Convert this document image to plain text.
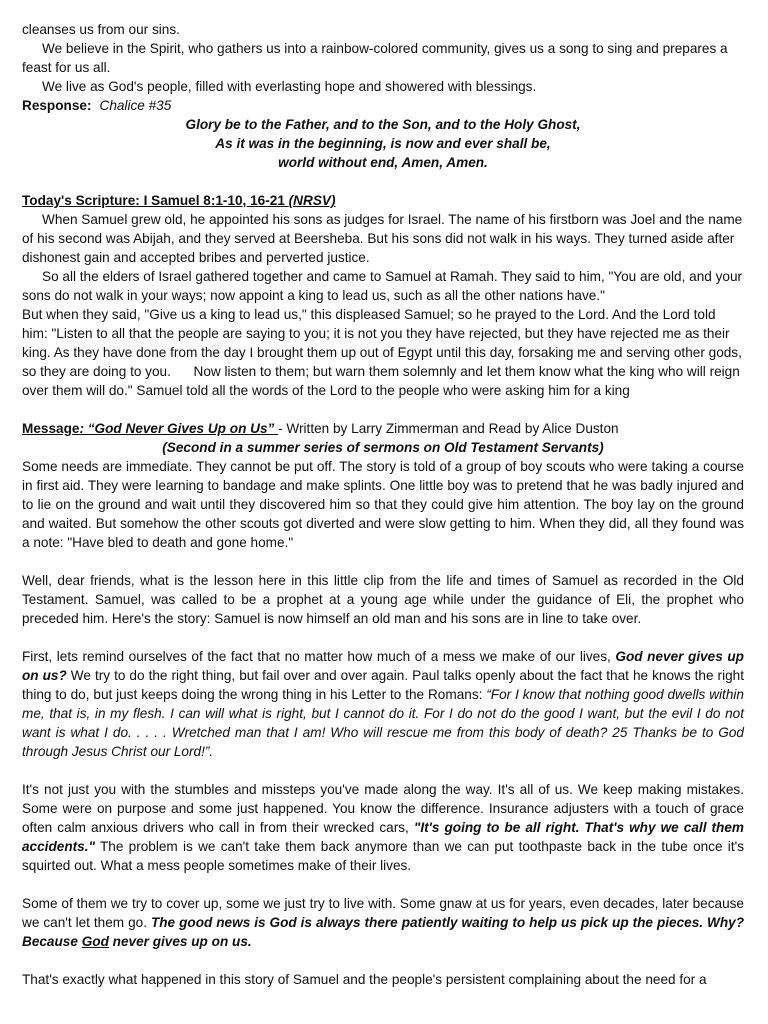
cleanses us from our sins.

We believe in the Spirit, who gathers us into a rainbow-colored community, gives us a song to sing and prepares a feast for us all.

We live as God's people, filled with everlasting hope and showered with blessings.

Response: Chalice #35

Glory be to the Father, and to the Son, and to the Holy Ghost,

As it was in the beginning, is now and ever shall be,

world without end, Amen, Amen.

Today's Scripture: I Samuel 8:1-10, 16-21 (NRSV)

When Samuel grew old, he appointed his sons as judges for Israel. The name of his firstborn was Joel and the name of his second was Abijah, and they served at Beersheba. But his sons did not walk in his ways. They turned aside after dishonest gain and accepted bribes and perverted justice.

So all the elders of Israel gathered together and came to Samuel at Ramah. They said to him, "You are old, and your sons do not walk in your ways; now appoint a king to lead us, such as all the other nations have."

But when they said, "Give us a king to lead us," this displeased Samuel; so he prayed to the Lord. And the Lord told him: "Listen to all that the people are saying to you; it is not you they have rejected, but they have rejected me as their king. As they have done from the day I brought them up out of Egypt until this day, forsaking me and serving other gods, so they are doing to you.      Now listen to them; but warn them solemnly and let them know what the king who will reign over them will do." Samuel told all the words of the Lord to the people who were asking him for a king

Message: “God Never Gives Up on Us” - Written by Larry Zimmerman and Read by Alice Duston

(Second in a summer series of sermons on Old Testament Servants)

Some needs are immediate. They cannot be put off. The story is told of a group of boy scouts who were taking a course in first aid. They were learning to bandage and make splints. One little boy was to pretend that he was badly injured and to lie on the ground and wait until they discovered him so that they could give him attention. The boy lay on the ground and waited. But somehow the other scouts got diverted and were slow getting to him. When they did, all they found was a note: "Have bled to death and gone home."

Well, dear friends, what is the lesson here in this little clip from the life and times of Samuel as recorded in the Old Testament. Samuel, was called to be a prophet at a young age while under the guidance of Eli, the prophet who preceded him. Here's the story: Samuel is now himself an old man and his sons are in line to take over.

First, lets remind ourselves of the fact that no matter how much of a mess we make of our lives, God never gives up on us? We try to do the right thing, but fail over and over again. Paul talks openly about the fact that he knows the right thing to do, but just keeps doing the wrong thing in his Letter to the Romans: “For I know that nothing good dwells within me, that is, in my flesh. I can will what is right, but I cannot do it. For I do not do the good I want, but the evil I do not want is what I do. . . . . Wretched man that I am! Who will rescue me from this body of death? 25 Thanks be to God through Jesus Christ our Lord!”.

It's not just you with the stumbles and missteps you've made along the way. It's all of us. We keep making mistakes. Some were on purpose and some just happened. You know the difference. Insurance adjusters with a touch of grace often calm anxious drivers who call in from their wrecked cars, "It's going to be all right. That's why we call them accidents." The problem is we can't take them back anymore than we can put toothpaste back in the tube once it's squirted out. What a mess people sometimes make of their lives.

Some of them we try to cover up, some we just try to live with. Some gnaw at us for years, even decades, later because we can't let them go. The good news is God is always there patiently waiting to help us pick up the pieces. Why? Because God never gives up on us.

That's exactly what happened in this story of Samuel and the people's persistent complaining about the need for a
